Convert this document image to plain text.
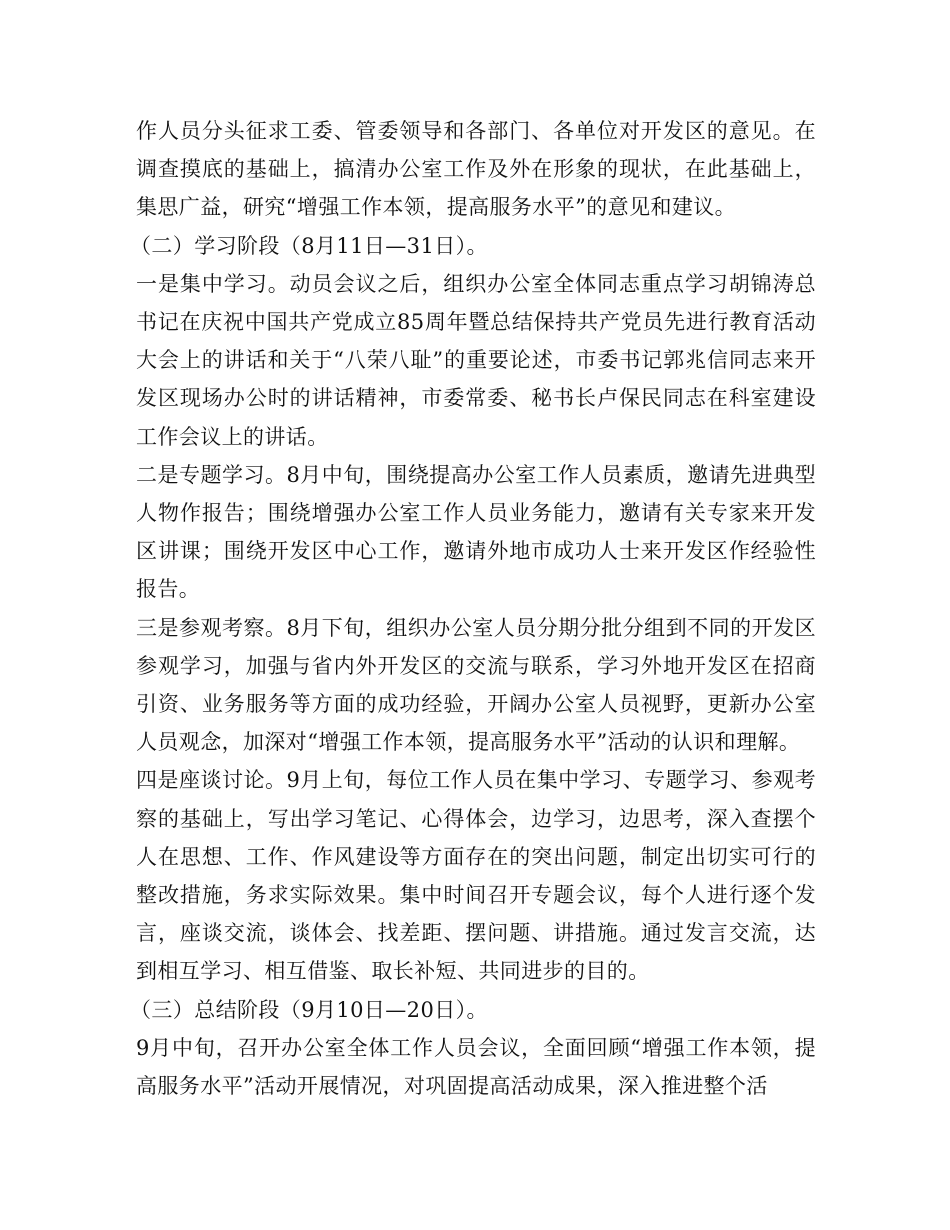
作人员分头征求工委、管委领导和各部门、各单位对开发区的意见。在调查摸底的基础上，搞清办公室工作及外在形象的现状，在此基础上，集思广益，研究“增强工作本领，提高服务水平”的意见和建议。

（二）学习阶段（8月11日—31日）。

一是集中学习。动员会议之后，组织办公室全体同志重点学习胡锦涛总书记在庆祝中国共产党成立85周年暨总结保持共产党员先进行教育活动大会上的讲话和关于“八荣八耻”的重要论述，市委书记郭兆信同志来开发区现场办公时的讲话精神，市委常委、秘书长卢保民同志在科室建设工作会议上的讲话。

二是专题学习。8月中旬，围绕提高办公室工作人员素质，邀请先进典型人物作报告；围绕增强办公室工作人员业务能力，邀请有关专家来开发区讲课；围绕开发区中心工作，邀请外地市成功人士来开发区作经验性报告。

三是参观考察。8月下旬，组织办公室人员分期分批分组到不同的开发区参观学习，加强与省内外开发区的交流与联系，学习外地开发区在招商引资、业务服务等方面的成功经验，开阔办公室人员视野，更新办公室人员观念，加深对“增强工作本领，提高服务水平”活动的认识和理解。

四是座谈讨论。9月上旬，每位工作人员在集中学习、专题学习、参观考察的基础上，写出学习笔记、心得体会，边学习，边思考，深入查摆个人在思想、工作、作风建设等方面存在的突出问题，制定出切实可行的整改措施，务求实际效果。集中时间召开专题会议，每个人进行逐个发言，座谈交流，谈体会、找差距、摆问题、讲措施。通过发言交流，达到相互学习、相互借鉴、取长补短、共同进步的目的。

（三）总结阶段（9月10日—20日）。

9月中旬，召开办公室全体工作人员会议，全面回顾“增强工作本领，提高服务水平”活动开展情况，对巩固提高活动成果，深入推进整个活
